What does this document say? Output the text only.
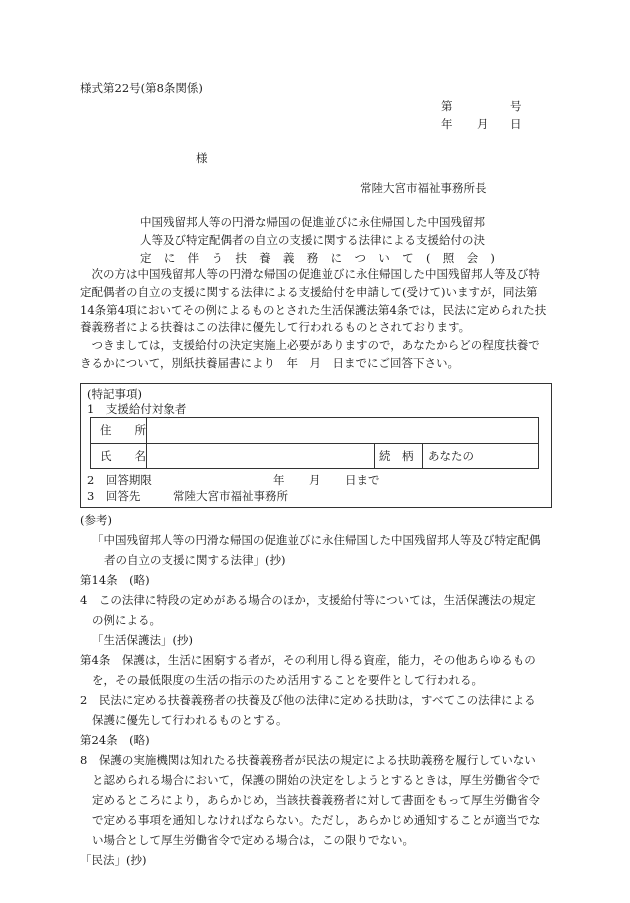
様式第22号(第8条関係)
第	号
年 月 日
様
常陸大宮市福祉事務所長
中国残留邦人等の円滑な帰国の促進並びに永住帰国した中国残留邦
人等及び特定配偶者の自立の支援に関する法律による支援給付の決
定 に 伴 う 扶 養 義 務 に つ い て ( 照 会 )

次の方は中国残留邦人等の円滑な帰国の促進並びに永住帰国した中国残留邦人等及び特定配偶者の自立の支援に関する法律による支援給付を申請して(受けて)いますが，同法第14条第4項においてその例によるものとされた生活保護法第4条では，民法に定められた扶養義務者による扶養はこの法律に優先して行われるものとされております。

つきましては，支援給付の決定実施上必要がありますので，あなたからどの程度扶養できるかについて，別紙扶養届書により　年　月　日までにご回答下さい。

(特記事項)
1　支援給付対象者
住　　所
氏　　名	続　柄 あなたの
2　回答期限	年 月 日まで
3　回答先	常陸大宮市福祉事務所
(参考)
「中国残留邦人等の円滑な帰国の促進並びに永住帰国した中国残留邦人等及び特定配偶
者の自立の支援に関する法律」(抄)
第14条　(略)
4　この法律に特段の定めがある場合のほか，支援給付等については，生活保護法の規定
の例による。
「生活保護法」(抄)
第4条　保護は，生活に困窮する者が，その利用し得る資産，能力，その他あらゆるもの
を，その最低限度の生活の指示のため活用することを要件として行われる。
2　民法に定める扶養義務者の扶養及び他の法律に定める扶助は，すべてこの法律による
保護に優先して行われるものとする。
第24条　(略)
8　保護の実施機関は知れたる扶養義務者が民法の規定による扶助義務を履行していない
と認められる場合において，保護の開始の決定をしようとするときは，厚生労働省令で
定めるところにより，あらかじめ，当該扶養義務者に対して書面をもって厚生労働省令
で定める事項を通知しなければならない。ただし，あらかじめ通知することが適当でな
い場合として厚生労働省令で定める場合は，この限りでない。
「民法」(抄)
